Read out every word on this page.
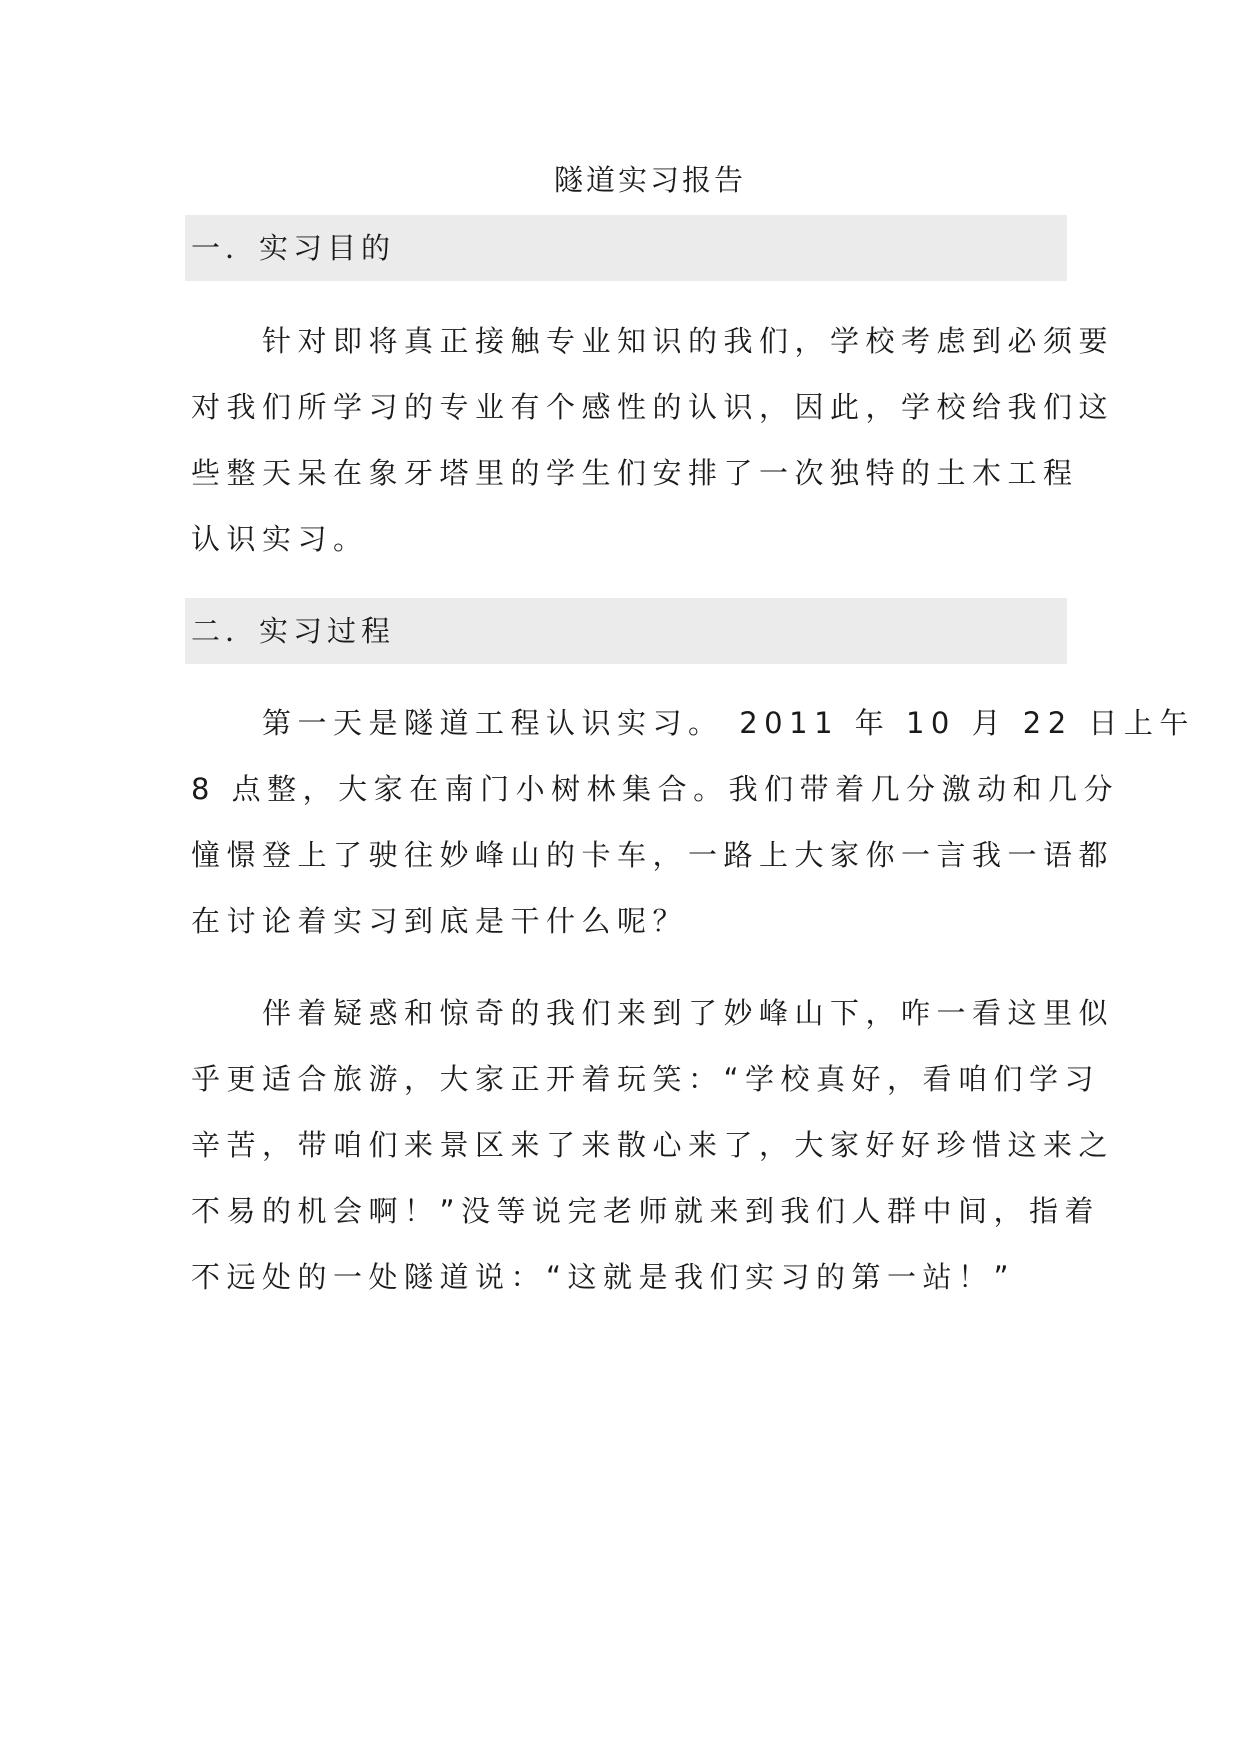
隧道实习报告
一．实习目的
　　针对即将真正接触专业知识的我们，学校考虑到必须要
对我们所学习的专业有个感性的认识，因此，学校给我们这
些整天呆在象牙塔里的学生们安排了一次独特的土木工程
认识实习。
二．实习过程
　　第一天是隧道工程认识实习。 2011 年 10 月 22 日上午
8 点整，大家在南门小树林集合。我们带着几分激动和几分
憧憬登上了驶往妙峰山的卡车，一路上大家你一言我一语都
在讨论着实习到底是干什么呢？
　　伴着疑惑和惊奇的我们来到了妙峰山下，咋一看这里似
乎更适合旅游，大家正开着玩笑：“学校真好，看咱们学习
辛苦，带咱们来景区来了来散心来了，大家好好珍惜这来之
不易的机会啊！”没等说完老师就来到我们人群中间，指着
不远处的一处隧道说：“这就是我们实习的第一站！”
